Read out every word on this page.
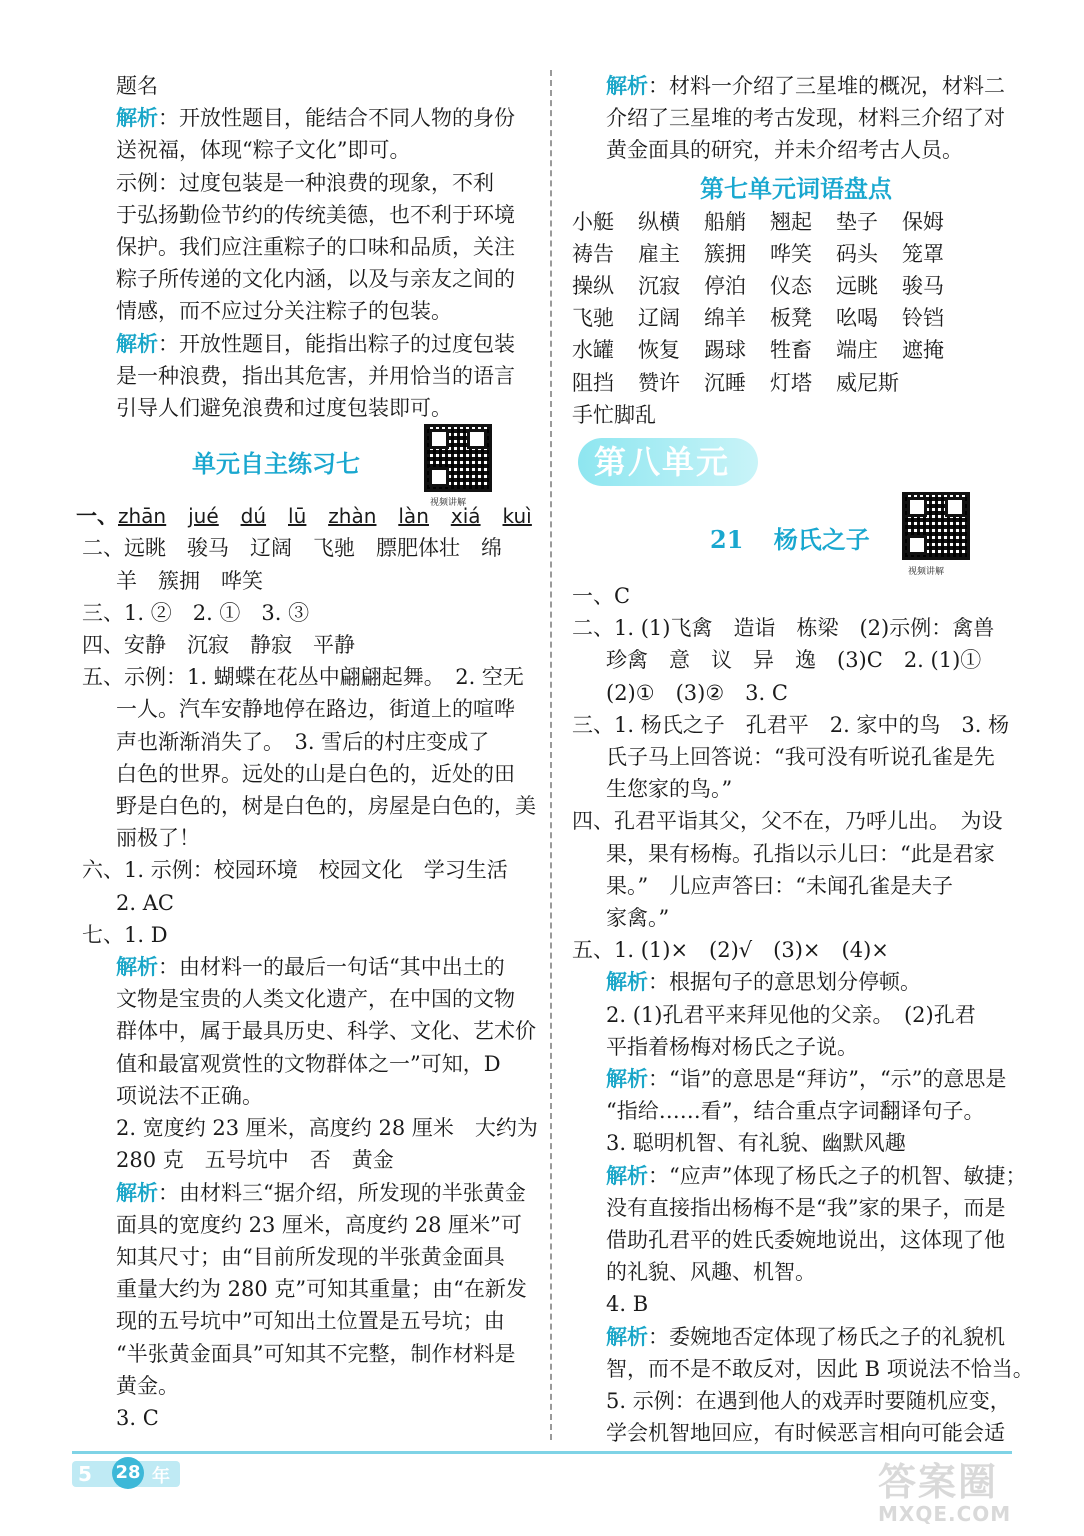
题名
解析：开放性题目，能结合不同人物的身份
送祝福，体现“粽子文化”即可。
示例：过度包装是一种浪费的现象，不利
于弘扬勤俭节约的传统美德，也不利于环境
保护。我们应注重粽子的口味和品质，关注
粽子所传递的文化内涵，以及与亲友之间的
情感，而不应过分关注粽子的包装。
解析：开放性题目，能指出粽子的过度包装
是一种浪费，指出其危害，并用恰当的语言
引导人们避免浪费和过度包装即可。
单元自主练习七
视频讲解
一、zhān jué dú lū zhàn làn xiá kuì
二、远眺　骏马　辽阔　飞驰　膘肥体壮　绵
羊　簇拥　哗笑
三、1. ②　2. ①　3. ③
四、安静　沉寂　静寂　平静
五、示例：1. 蝴蝶在花丛中翩翩起舞。　2. 空无
一人。汽车安静地停在路边，街道上的喧哗
声也渐渐消失了。　3. 雪后的村庄变成了
白色的世界。远处的山是白色的，近处的田
野是白色的，树是白色的，房屋是白色的，美
丽极了！
六、1. 示例：校园环境　校园文化　学习生活
2. AC
七、1. D
解析：由材料一的最后一句话“其中出土的
文物是宝贵的人类文化遗产，在中国的文物
群体中，属于最具历史、科学、文化、艺术价
值和最富观赏性的文物群体之一”可知，D
项说法不正确。
2. 宽度约 23 厘米，高度约 28 厘米　大约为
280 克　五号坑中　否　黄金
解析：由材料三“据介绍，所发现的半张黄金
面具的宽度约 23 厘米，高度约 28 厘米”可
知其尺寸；由“目前所发现的半张黄金面具
重量大约为 280 克”可知其重量；由“在新发
现的五号坑中”可知出土位置是五号坑；由
“半张黄金面具”可知其不完整，制作材料是
黄金。
3. C
解析：材料一介绍了三星堆的概况，材料二
介绍了三星堆的考古发现，材料三介绍了对
黄金面具的研究，并未介绍考古人员。
第七单元词语盘点
小艇	纵横	船艄	翘起	垫子	保姆
祷告	雇主	簇拥	哗笑	码头	笼罩
操纵	沉寂	停泊	仪态	远眺	骏马
飞驰	辽阔	绵羊	板凳	吆喝	铃铛
水罐	恢复	踢球	牲畜	端庄	遮掩
阻挡	赞许	沉睡	灯塔	威尼斯
手忙脚乱
第八单元
21 杨氏之子
视频讲解
一、C
二、1. (1)飞禽　造诣　栋梁　(2)示例：禽兽
珍禽　意　议　异　逸　(3)C　2. (1)①
(2)①　(3)②　3. C
三、1. 杨氏之子　孔君平　2. 家中的鸟　3. 杨
氏子马上回答说：“我可没有听说孔雀是先
生您家的鸟。”
四、孔君平诣其父，父不在，乃呼儿出。　为设
果，果有杨梅。孔指以示儿曰：“此是君家
果。”　儿应声答曰：“未闻孔雀是夫子
家禽。”
五、1. (1)×　(2)√　(3)×　(4)×
解析：根据句子的意思划分停顿。
2. (1)孔君平来拜见他的父亲。　(2)孔君
平指着杨梅对杨氏之子说。
解析：“诣”的意思是“拜访”，“示”的意思是
“指给……看”，结合重点字词翻译句子。
3. 聪明机智、有礼貌、幽默风趣
解析：“应声”体现了杨氏之子的机智、敏捷；
没有直接指出杨梅不是“我”家的果子，而是
借助孔君平的姓氏委婉地说出，这体现了他
的礼貌、风趣、机智。
4. B
解析：委婉地否定体现了杨氏之子的礼貌机
智，而不是不敢反对，因此 B 项说法不恰当。
5. 示例：在遇到他人的戏弄时要随机应变，
学会机智地回应，有时候恶言相向可能会适
5 28 年	答案圈
MXQE.COM
